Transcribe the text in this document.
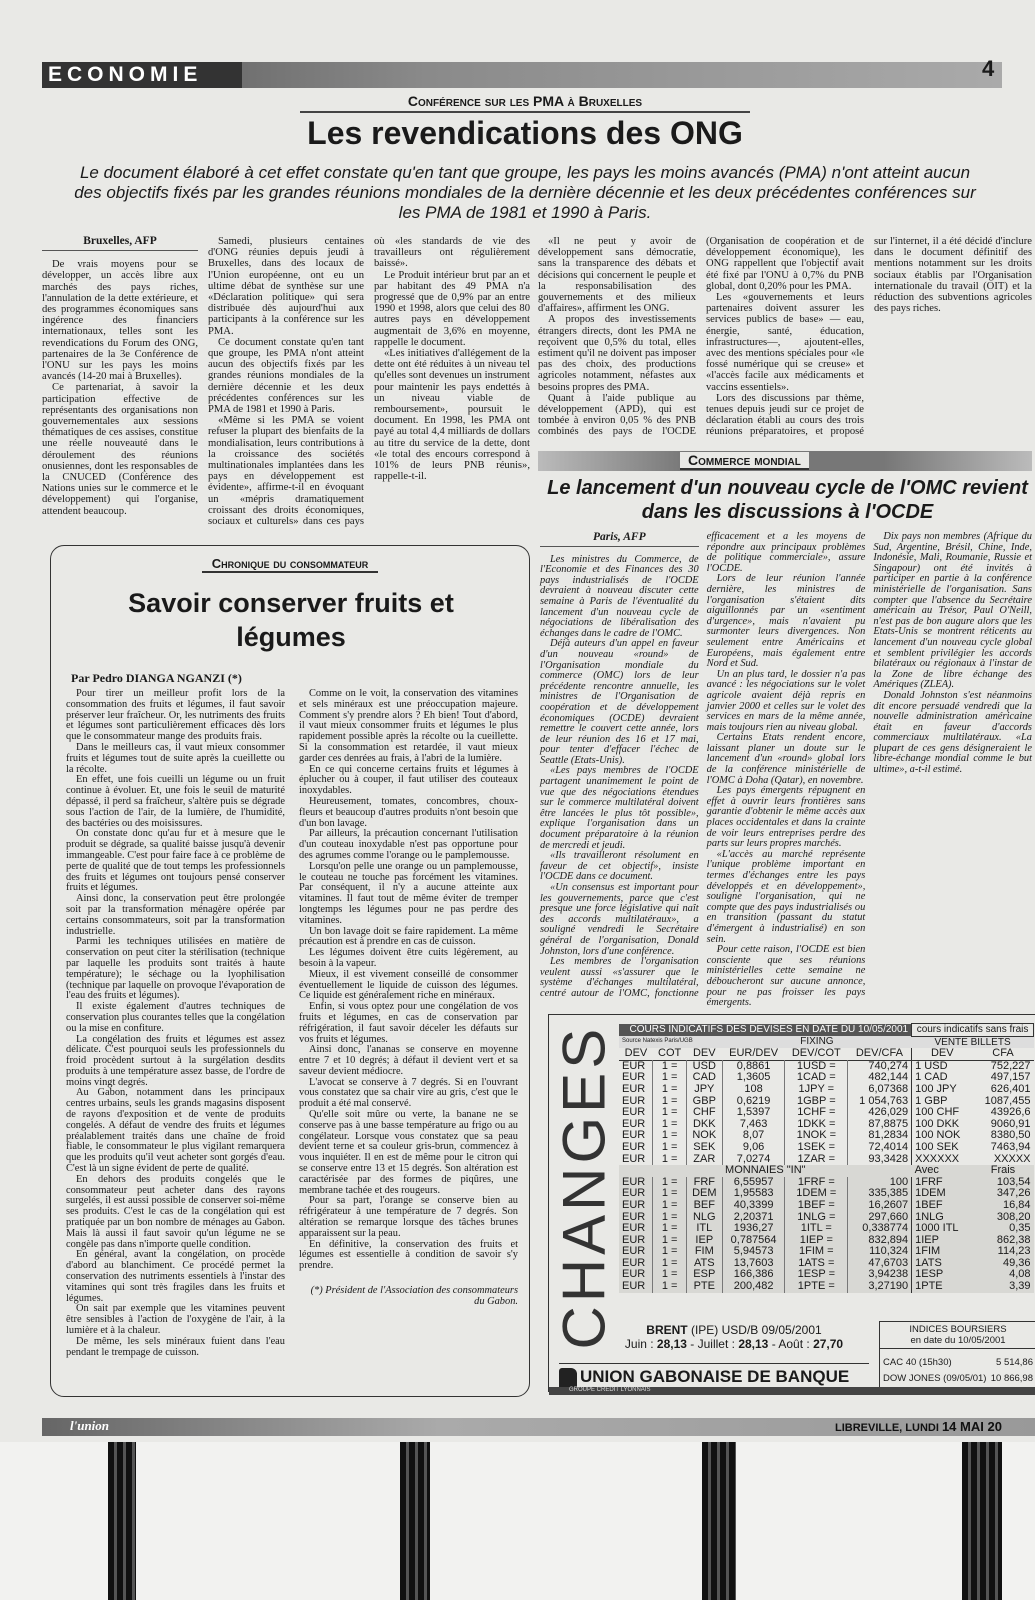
ECONOMIE	4
Conférence sur les PMA à Bruxelles
Les revendications des ONG
Le document élaboré à cet effet constate qu'en tant que groupe, les pays les moins avancés (PMA) n'ont atteint aucun des objectifs fixés par les grandes réunions mondiales de la dernière décennie et les deux précédentes conférences sur les PMA de 1981 et 1990 à Paris.
Bruxelles, AFP

De vrais moyens pour se développer, un accès libre aux marchés des pays riches, l'annulation de la dette extérieure, et des programmes économiques sans ingérence des financiers internationaux, telles sont les revendications du Forum des ONG, partenaires de la 3e Conférence de l'ONU sur les pays les moins avancés (14-20 mai à Bruxelles).

Ce partenariat, à savoir la participation effective de représentants des organisations non gouvernementales aux sessions thématiques de ces assises, constitue une réelle nouveauté dans le déroulement des réunions onusiennes, dont les responsables de la CNUCED (Conférence des Nations unies sur le commerce et le développement) qui l'organise, attendent beaucoup.

Samedi, plusieurs centaines d'ONG réunies depuis jeudi à Bruxelles, dans des locaux de l'Union européenne, ont eu un ultime débat de synthèse sur une «Déclaration politique» qui sera distribuée dès aujourd'hui aux participants à la conférence sur les PMA.

Ce document constate qu'en tant que groupe, les PMA n'ont atteint aucun des objectifs fixés par les grandes réunions mondiales de la dernière décennie et les deux précédentes conférences sur les PMA de 1981 et 1990 à Paris.

«Même si les PMA se voient refuser la plupart des bienfaits de la mondialisation, leurs contributions à la croissance des sociétés multinationales implantées dans les pays en développement est évidente», affirme-t-il en évoquant un «mépris dramatiquement croissant des droits économiques, sociaux et culturels» dans ces pays où «les standards de vie des travailleurs ont régulièrement baissé».

Le Produit intérieur brut par an et par habitant des 49 PMA n'a progressé que de 0,9% par an entre 1990 et 1998, alors que celui des 80 autres pays en développement augmentait de 3,6% en moyenne, rappelle le document.

«Les initiatives d'allégement de la dette ont été réduites à un niveau tel qu'elles sont devenues un instrument pour maintenir les pays endettés à un niveau viable de remboursement», poursuit le document. En 1998, les PMA ont payé au total 4,4 milliards de dollars au titre du service de la dette, dont «le total des encours correspond à 101% de leurs PNB réunis», rappelle-t-il.

«Il ne peut y avoir de développement sans démocratie, sans la transparence des débats et décisions qui concernent le peuple et la responsabilisation des gouvernements et des milieux d'affaires», affirment les ONG.

A propos des investissements étrangers directs, dont les PMA ne reçoivent que 0,5% du total, elles estiment qu'il ne doivent pas imposer pas des choix, des productions agricoles notamment, néfastes aux besoins propres des PMA.

Quant à l'aide publique au développement (APD), qui est tombée à environ 0,05 % des PNB combinés des pays de l'OCDE (Organisation de coopération et de développement économique), les ONG rappellent que l'objectif avait été fixé par l'ONU à 0,7% du PNB global, dont 0,20% pour les PMA.

Les «gouvernements et leurs partenaires doivent assurer les services publics de base» — eau, énergie, santé, éducation, infrastructures—, ajoutent-elles, avec des mentions spéciales pour «le fossé numérique qui se creuse» et «l'accès facile aux médicaments et vaccins essentiels».

Lors des discussions par thème, tenues depuis jeudi sur ce projet de déclaration établi au cours des trois réunions préparatoires, et proposé sur l'internet, il a été décidé d'inclure dans le document définitif des mentions notamment sur les droits sociaux établis par l'Organisation internationale du travail (OIT) et la réduction des subventions agricoles des pays riches.

Chronique du consommateur
Savoir conserver fruits et légumes
Par Pedro DIANGA NGANZI (*)

Pour tirer un meilleur profit lors de la consommation des fruits et légumes, il faut savoir préserver leur fraîcheur. Or, les nutriments des fruits et légumes sont particulièrement efficaces dès lors que le consommateur mange des produits frais.

Dans le meilleurs cas, il vaut mieux consommer fruits et légumes tout de suite après la cueillette ou la récolte.

En effet, une fois cueilli un légume ou un fruit continue à évoluer. Et, une fois le seuil de maturité dépassé, il perd sa fraîcheur, s'altère puis se dégrade sous l'action de l'air, de la lumière, de l'humidité, des bactéries ou des moisissures.

On constate donc qu'au fur et à mesure que le produit se dégrade, sa qualité baisse jusqu'à devenir immangeable. C'est pour faire face à ce problème de perte de qualité que de tout temps les professionnels des fruits et légumes ont toujours pensé conserver fruits et légumes.

Ainsi donc, la conservation peut être prolongée soit par la transformation ménagère opérée par certains consommateurs, soit par la transformation industrielle.

Parmi les techniques utilisées en matière de conservation on peut citer la stérilisation (technique par laquelle les produits sont traités à haute température); le séchage ou la lyophilisation (technique par laquelle on provoque l'évaporation de l'eau des fruits et légumes).

Il existe également d'autres techniques de conservation plus courantes telles que la congélation ou la mise en confiture.

La congélation des fruits et légumes est assez délicate. C'est pourquoi seuls les professionnels du froid procèdent surtout à la surgélation desdits produits à une température assez basse, de l'ordre de moins vingt degrés.

Au Gabon, notamment dans les principaux centres urbains, seuls les grands magasins disposent de rayons d'exposition et de vente de produits congelés. A défaut de vendre des fruits et légumes préalablement traités dans une chaîne de froid fiable, le consommateur le plus vigilant remarquera que les produits qu'il veut acheter sont gorgés d'eau. C'est là un signe évident de perte de qualité.

En dehors des produits congelés que le consommateur peut acheter dans des rayons surgelés, il est aussi possible de conserver soi-même ses produits. C'est le cas de la congélation qui est pratiquée par un bon nombre de ménages au Gabon. Mais là aussi il faut savoir qu'un légume ne se congèle pas dans n'importe quelle condition.

En général, avant la congélation, on procède d'abord au blanchiment. Ce procédé permet la conservation des nutriments essentiels à l'instar des vitamines qui sont très fragiles dans les fruits et légumes.

On sait par exemple que les vitamines peuvent être sensibles à l'action de l'oxygène de l'air, à la lumière et à la chaleur.

De même, les sels minéraux fuient dans l'eau pendant le trempage de cuisson.

Comme on le voit, la conservation des vitamines et sels minéraux est une préoccupation majeure. Comment s'y prendre alors ? Eh bien! Tout d'abord, il vaut mieux consommer fruits et légumes le plus rapidement possible après la récolte ou la cueillette. Si la consommation est retardée, il vaut mieux garder ces denrées au frais, à l'abri de la lumière.

En ce qui concerne certains fruits et légumes à éplucher ou à couper, il faut utiliser des couteaux inoxydables.

Heureusement, tomates, concombres, choux-fleurs et beaucoup d'autres produits n'ont besoin que d'un bon lavage.

Par ailleurs, la précaution concernant l'utilisation d'un couteau inoxydable n'est pas opportune pour des agrumes comme l'orange ou le pamplemousse.

Lorsqu'on pelle une orange ou un pamplemousse, le couteau ne touche pas forcément les vitamines. Par conséquent, il n'y a aucune atteinte aux vitamines. Il faut tout de même éviter de tremper longtemps les légumes pour ne pas perdre des vitamines.

Un bon lavage doit se faire rapidement. La même précaution est à prendre en cas de cuisson.

Les légumes doivent être cuits légèrement, au besoin à la vapeur.

Mieux, il est vivement conseillé de consommer éventuellement le liquide de cuisson des légumes. Ce liquide est généralement riche en minéraux.

Enfin, si vous optez pour une congélation de vos fruits et légumes, en cas de conservation par réfrigération, il faut savoir déceler les défauts sur vos fruits et légumes.

Ainsi donc, l'ananas se conserve en moyenne entre 7 et 10 degrés; à défaut il devient vert et sa saveur devient médiocre.

L'avocat se conserve à 7 degrés. Si en l'ouvrant vous constatez que sa chair vire au gris, c'est que le produit a été mal conservé.

Qu'elle soit mûre ou verte, la banane ne se conserve pas à une basse température au frigo ou au congélateur. Lorsque vous constatez que sa peau devient terne et sa couleur gris-brun, commencez à vous inquiéter. Il en est de même pour le citron qui se conserve entre 13 et 15 degrés. Son altération est caractérisée par des formes de piqûres, une membrane tachée et des rougeurs.

Pour sa part, l'orange se conserve bien au réfrigérateur à une température de 7 degrés. Son altération se remarque lorsque des tâches brunes apparaissent sur la peau.

En définitive, la conservation des fruits et légumes est essentielle à condition de savoir s'y prendre.

(*) Président de l'Association des consommateurs du Gabon.

Commerce mondial
Le lancement d'un nouveau cycle de l'OMC revient dans les discussions à l'OCDE
Paris, AFP

Les ministres du Commerce, de l'Economie et des Finances des 30 pays industrialisés de l'OCDE devraient à nouveau discuter cette semaine à Paris de l'éventualité du lancement d'un nouveau cycle de négociations de libéralisation des échanges dans le cadre de l'OMC.

Déjà auteurs d'un appel en faveur d'un nouveau «round» de l'Organisation mondiale du commerce (OMC) lors de leur précédente rencontre annuelle, les ministres de l'Organisation de coopération et de développement économiques (OCDE) devraient remettre le couvert cette année, lors de leur réunion des 16 et 17 mai, pour tenter d'effacer l'échec de Seattle (Etats-Unis).

«Les pays membres de l'OCDE partagent unanimement le point de vue que des négociations étendues sur le commerce multilatéral doivent être lancées le plus tôt possible», explique l'organisation dans un document préparatoire à la réunion de mercredi et jeudi.

«Ils travailleront résolument en faveur de cet objectif», insiste l'OCDE dans ce document.

«Un consensus est important pour les gouvernements, parce que c'est presque une force législative qui naît des accords multilatéraux», a souligné vendredi le Secrétaire général de l'organisation, Donald Johnston, lors d'une conférence.

Les membres de l'organisation veulent aussi «s'assurer que le système d'échanges multilatéral, centré autour de l'OMC, fonctionne efficacement et a les moyens de répondre aux principaux problèmes de politique commerciale», assure l'OCDE.

Lors de leur réunion l'année dernière, les ministres de l'organisation s'étaient dits aiguillonnés par un «sentiment d'urgence», mais n'avaient pu surmonter leurs divergences. Non seulement entre Américains et Européens, mais également entre Nord et Sud.

Un an plus tard, le dossier n'a pas avancé : les négociations sur le volet agricole avaient déjà repris en janvier 2000 et celles sur le volet des services en mars de la même année, mais toujours rien au niveau global.

Certains Etats rendent encore, laissant planer un doute sur le lancement d'un «round» global lors de la conférence ministérielle de l'OMC à Doha (Qatar), en novembre.

Les pays émergents répugnent en effet à ouvrir leurs frontières sans garantie d'obtenir le même accès aux places occidentales et dans la crainte de voir leurs entreprises perdre des parts sur leurs propres marchés.

«L'accès au marché représente l'unique problème important en termes d'échanges entre les pays développés et en développement», souligne l'organisation, qui ne compte que des pays industrialisés ou en transition (passant du statut d'émergent à industrialisé) en son sein.

Pour cette raison, l'OCDE est bien consciente que ses réunions ministérielles cette semaine ne déboucheront sur aucune annonce, pour ne pas froisser les pays émergents.

Dix pays non membres (Afrique du Sud, Argentine, Brésil, Chine, Inde, Indonésie, Mali, Roumanie, Russie et Singapour) ont été invités à participer en partie à la conférence ministérielle de l'organisation. Sans compter que l'absence du Secrétaire américain au Trésor, Paul O'Neill, n'est pas de bon augure alors que les Etats-Unis se montrent réticents au lancement d'un nouveau cycle global et semblent privilégier les accords bilatéraux ou régionaux à l'instar de la Zone de libre échange des Amériques (ZLEA).

Donald Johnston s'est néanmoins dit encore persuadé vendredi que la nouvelle administration américaine était en faveur d'accords commerciaux multilatéraux. «La plupart de ces gens désigneraient le libre-échange mondial comme le but ultime», a-t-il estimé.

CHANGES COURS INDICATIFS DES DEVISES EN DATE DU 10/05/2001						cours indicatifs sans frais	
Source Natexis Paris/UGB			FIXING			VENTE BILLETS	
DEV	COT	DEV	EUR/DEV	DEV/COT	DEV/CFA	DEV	CFA
EUR	1 =	USD	0,8861	1USD =	740,274	1 USD	752,227
EUR	1 =	CAD	1,3605	1CAD =	482,144	1 CAD	497,157
EUR	1 =	JPY	108	1JPY =	6,07368	100 JPY	626,401
EUR	1 =	GBP	0,6219	1GBP =	1 054,763	1 GBP	1087,455
EUR	1 =	CHF	1,5397	1CHF =	426,029	100 CHF	43926,6
EUR	1 =	DKK	7,463	1DKK =	87,8875	100 DKK	9060,91
EUR	1 =	NOK	8,07	1NOK =	81,2834	100 NOK	8380,50
EUR	1 =	SEK	9,06	1SEK =	72,4014	100 SEK	7463,94
EUR	1 =	ZAR	7,0274	1ZAR =	93,3428	XXXXXX	XXXXX
MONNAIES "IN"						Avec	Frais
EUR	1 =	FRF	6,55957	1FRF =	100	1FRF	103,54
EUR	1 =	DEM	1,95583	1DEM =	335,385	1DEM	347,26
EUR	1 =	BEF	40,3399	1BEF =	16,2607	1BEF	16,84
EUR	1 =	NLG	2,20371	1NLG =	297,660	1NLG	308,20
EUR	1 =	ITL	1936,27	1ITL =	0,338774	1000 ITL	0,35
EUR	1 =	IEP	0,787564	1IEP =	832,894	1IEP	862,38
EUR	1 =	FIM	5,94573	1FIM =	110,324	1FIM	114,23
EUR	1 =	ATS	13,7603	1ATS =	47,6703	1ATS	49,36
EUR	1 =	ESP	166,386	1ESP =	3,94238	1ESP	4,08
EUR	1 =	PTE	200,482	1PTE =	3,27190	1PTE	3,39
BRENT (IPE) USD/B 09/05/2001
Juin : 28,13 - Juillet : 28,13 - Août : 27,70
INDICES BOURSIERS
en date du 10/05/2001
CAC 40 (15h30)	5 514,86
DOW JONES (09/05/01) 10 866,98
UNION GABONAISE DE BANQUE
GROUPE CREDIT LYONNAIS
l'union	LIBREVILLE, LUNDI 14 MAI 20
